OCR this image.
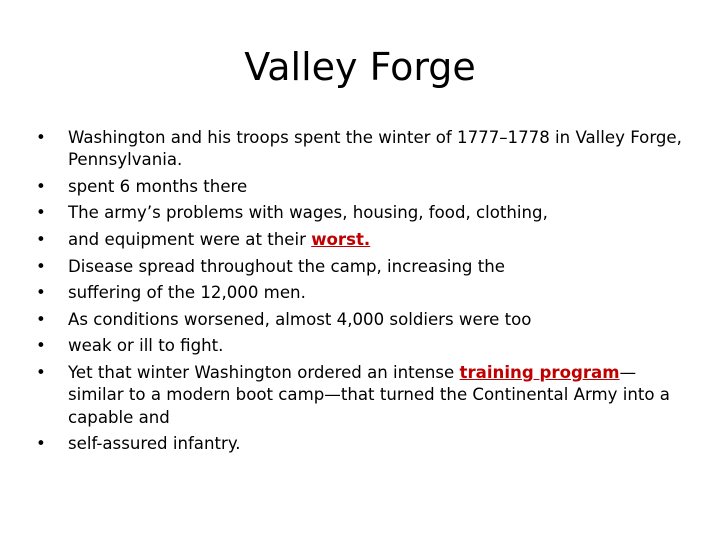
Valley Forge
• Washington and his troops spent the winter of 1777–1778 in Valley Forge, Pennsylvania.
• spent 6 months there
• The army’s problems with wages, housing, food, clothing,
• and equipment were at their worst.
• Disease spread throughout the camp, increasing the
• suffering of the 12,000 men.
• As conditions worsened, almost 4,000 soldiers were too
• weak or ill to fight.
• Yet that winter Washington ordered an intense training program—similar to a modern boot camp—that turned the Continental Army into a capable and
• self-assured infantry.
